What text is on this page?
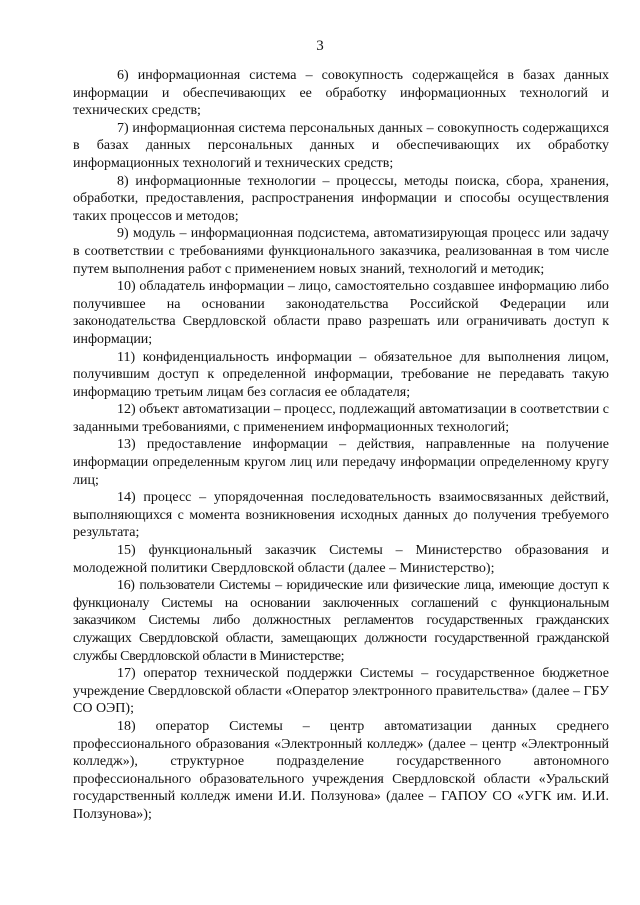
3

6) информационная система – совокупность содержащейся в базах данных информации и обеспечивающих ее обработку информационных технологий и технических средств;

7) информационная система персональных данных – совокупность содержащихся в базах данных персональных данных и обеспечивающих их обработку информационных технологий и технических средств;

8) информационные технологии – процессы, методы поиска, сбора, хранения, обработки, предоставления, распространения информации и способы осуществления таких процессов и методов;

9) модуль – информационная подсистема, автоматизирующая процесс или задачу в соответствии с требованиями функционального заказчика, реализованная в том числе путем выполнения работ с применением новых знаний, технологий и методик;

10) обладатель информации – лицо, самостоятельно создавшее информацию либо получившее на основании законодательства Российской Федерации или законодательства Свердловской области право разрешать или ограничивать доступ к информации;

11) конфиденциальность информации – обязательное для выполнения лицом, получившим доступ к определенной информации, требование не передавать такую информацию третьим лицам без согласия ее обладателя;

12) объект автоматизации – процесс, подлежащий автоматизации в соответствии с заданными требованиями, с применением информационных технологий;

13) предоставление информации – действия, направленные на получение информации определенным кругом лиц или передачу информации определенному кругу лиц;

14) процесс – упорядоченная последовательность взаимосвязанных действий, выполняющихся с момента возникновения исходных данных до получения требуемого результата;

15) функциональный заказчик Системы – Министерство образования и молодежной политики Свердловской области (далее – Министерство);

16) пользователи Системы – юридические или физические лица, имеющие доступ к функционалу Системы на основании заключенных соглашений с функциональным заказчиком Системы либо должностных регламентов государственных гражданских служащих Свердловской области, замещающих должности государственной гражданской службы Свердловской области в Министерстве;

17) оператор технической поддержки Системы – государственное бюджетное учреждение Свердловской области «Оператор электронного правительства» (далее – ГБУ СО ОЭП);

18) оператор Системы – центр автоматизации данных среднего профессионального образования «Электронный колледж» (далее – центр «Электронный колледж»), структурное подразделение государственного автономного профессионального образовательного учреждения Свердловской области «Уральский государственный колледж имени И.И. Ползунова» (далее – ГАПОУ СО «УГК им. И.И. Ползунова»);
